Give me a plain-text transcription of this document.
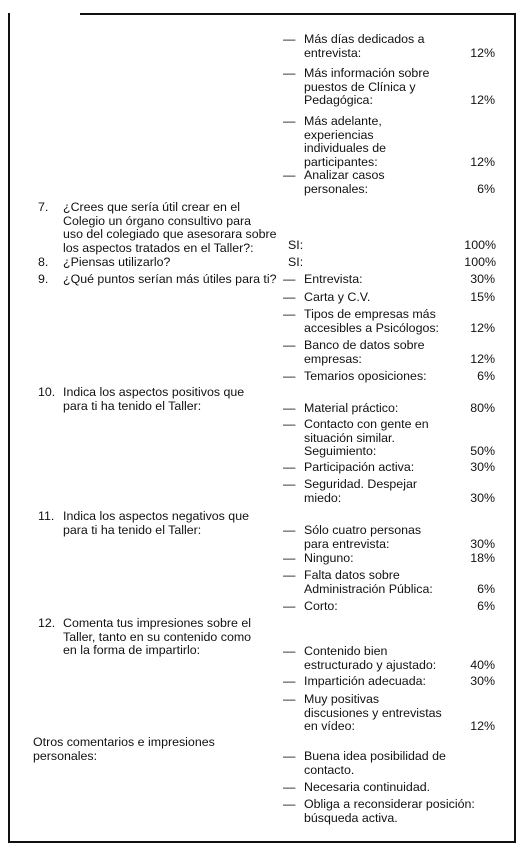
— Más días dedicados a
entrevista:	12%
— Más información sobre
puestos de Clínica y
Pedagógica:	12%
— Más adelante,
experiencias
individuales de
participantes:	12%
— Analizar casos
personales:	6%
7. ¿Crees que sería útil crear en el
Colegio un órgano consultivo para
uso del colegiado que asesorara sobre
los aspectos tratados en el Taller?:	SI:	100%
8. ¿Piensas utilizarlo?	SI:	100%
9. ¿Qué puntos serían más útiles para ti? — Entrevista:	30%
— Carta y C.V.	15%
— Tipos de empresas más
accesibles a Psicólogos:	12%
— Banco de datos sobre
empresas:	12%
— Temarios oposiciones:	6%
10. Indica los aspectos positivos que
para ti ha tenido el Taller:	— Material práctico:	80%
— Contacto con gente en
situación similar.
Seguimiento:	50%
— Participación activa:	30%
— Seguridad. Despejar
miedo:	30%
11. Indica los aspectos negativos que
para ti ha tenido el Taller:	— Sólo cuatro personas
para entrevista:	30%
— Ninguno:	18%
— Falta datos sobre
Administración Pública:	6%
— Corto:	6%
12. Comenta tus impresiones sobre el
Taller, tanto en su contenido como
en la forma de impartirlo:	— Contenido bien
estructurado y ajustado:	40%
— Impartición adecuada:	30%
— Muy positivas
discusiones y entrevistas
en vídeo:	12%
Otros comentarios e impresiones
personales:	— Buena idea posibilidad de
contacto.
— Necesaria continuidad.
— Obliga a reconsiderar posición:
búsqueda activa.
